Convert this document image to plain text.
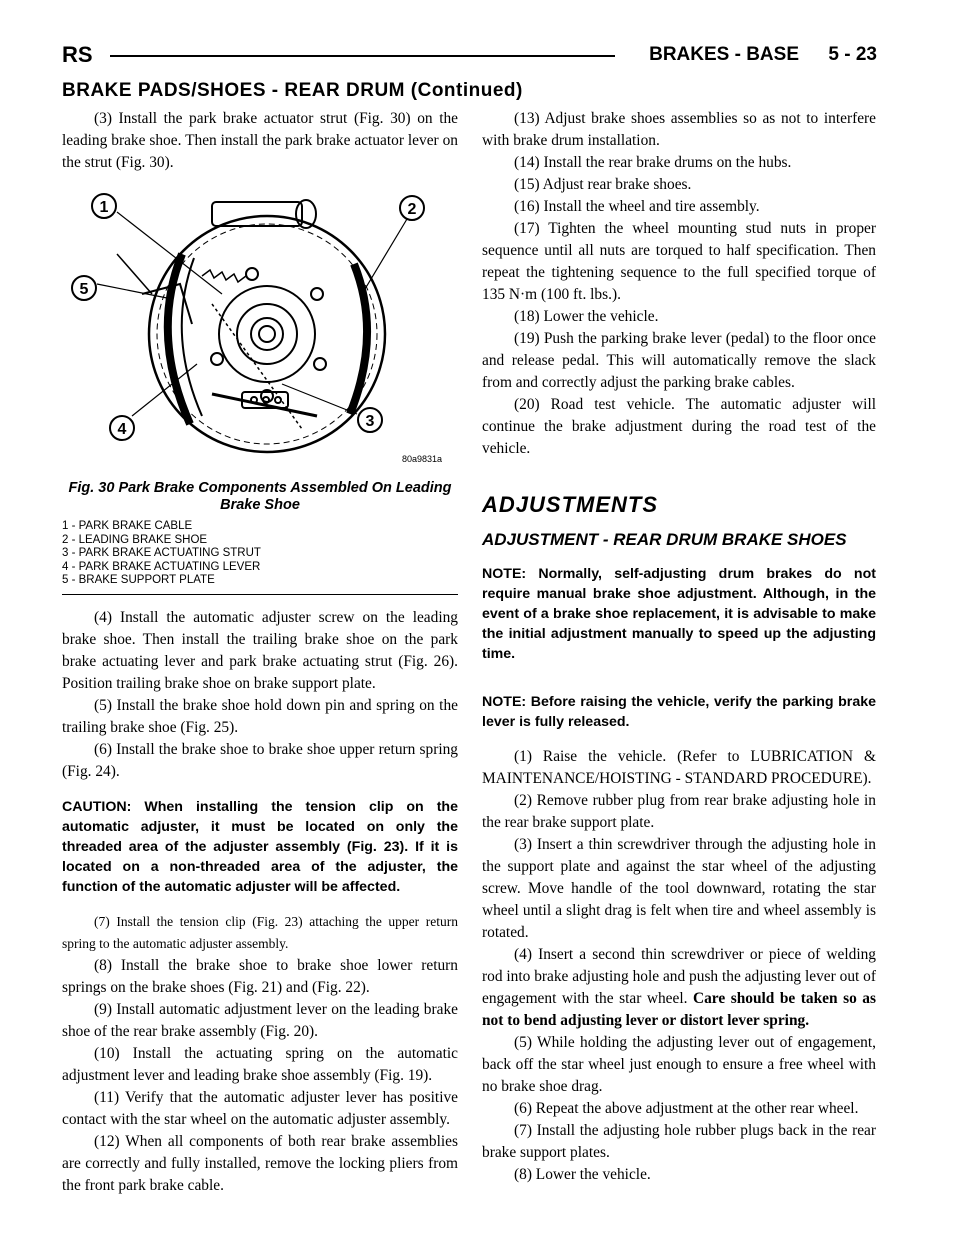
RS	BRAKES - BASE 5 - 23
BRAKE PADS/SHOES - REAR DRUM (Continued)

(3) Install the park brake actuator strut (Fig. 30) on the leading brake shoe. Then install the park brake actuator lever on the strut (Fig. 30).

1	2
3
4
5
80a9831a
Fig. 30 Park Brake Components Assembled On Leading Brake Shoe
1 - PARK BRAKE CABLE
2 - LEADING BRAKE SHOE
3 - PARK BRAKE ACTUATING STRUT
4 - PARK BRAKE ACTUATING LEVER
5 - BRAKE SUPPORT PLATE

(4) Install the automatic adjuster screw on the leading brake shoe. Then install the trailing brake shoe on the park brake actuating lever and park brake actuating strut (Fig. 26). Position trailing brake shoe on brake support plate.

(5) Install the brake shoe hold down pin and spring on the trailing brake shoe (Fig. 25).

(6) Install the brake shoe to brake shoe upper return spring (Fig. 24).

CAUTION: When installing the tension clip on the automatic adjuster, it must be located on only the threaded area of the adjuster assembly (Fig. 23). If it is located on a non-threaded area of the adjuster, the function of the automatic adjuster will be affected.

(7) Install the tension clip (Fig. 23) attaching the upper return spring to the automatic adjuster assembly.

(8) Install the brake shoe to brake shoe lower return springs on the brake shoes (Fig. 21) and (Fig. 22).

(9) Install automatic adjustment lever on the leading brake shoe of the rear brake assembly (Fig. 20).

(10) Install the actuating spring on the automatic adjustment lever and leading brake shoe assembly (Fig. 19).

(11) Verify that the automatic adjuster lever has positive contact with the star wheel on the automatic adjuster assembly.

(12) When all components of both rear brake assemblies are correctly and fully installed, remove the locking pliers from the front park brake cable.

(13) Adjust brake shoes assemblies so as not to interfere with brake drum installation.

(14) Install the rear brake drums on the hubs.

(15) Adjust rear brake shoes.

(16) Install the wheel and tire assembly.

(17) Tighten the wheel mounting stud nuts in proper sequence until all nuts are torqued to half specification. Then repeat the tightening sequence to the full specified torque of 135 N·m (100 ft. lbs.).

(18) Lower the vehicle.

(19) Push the parking brake lever (pedal) to the floor once and release pedal. This will automatically remove the slack from and correctly adjust the parking brake cables.

(20) Road test vehicle. The automatic adjuster will continue the brake adjustment during the road test of the vehicle.

ADJUSTMENTS
ADJUSTMENT - REAR DRUM BRAKE SHOES
NOTE: Normally, self-adjusting drum brakes do not require manual brake shoe adjustment. Although, in the event of a brake shoe replacement, it is advisable to make the initial adjustment manually to speed up the adjusting time.
NOTE: Before raising the vehicle, verify the parking brake lever is fully released.

(1) Raise the vehicle. (Refer to LUBRICATION & MAINTENANCE/HOISTING - STANDARD PROCEDURE).

(2) Remove rubber plug from rear brake adjusting hole in the rear brake support plate.

(3) Insert a thin screwdriver through the adjusting hole in the support plate and against the star wheel of the adjusting screw. Move handle of the tool downward, rotating the star wheel until a slight drag is felt when tire and wheel assembly is rotated.

(4) Insert a second thin screwdriver or piece of welding rod into brake adjusting hole and push the adjusting lever out of engagement with the star wheel. Care should be taken so as not to bend adjusting lever or distort lever spring.

(5) While holding the adjusting lever out of engagement, back off the star wheel just enough to ensure a free wheel with no brake shoe drag.

(6) Repeat the above adjustment at the other rear wheel.

(7) Install the adjusting hole rubber plugs back in the rear brake support plates.

(8) Lower the vehicle.
